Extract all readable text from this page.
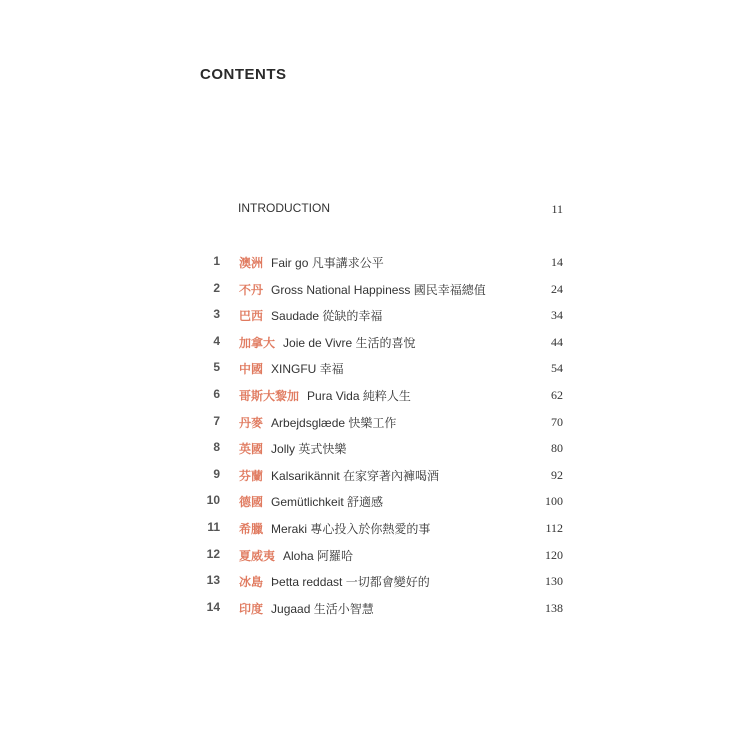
CONTENTS
INTRODUCTION	11
1 澳洲 Fair go 凡事講求公平	14
2 不丹 Gross National Happiness 國民幸福總值	24
3 巴西 Saudade 從缺的幸福	34
4 加拿大 Joie de Vivre 生活的喜悅	44
5 中國 XINGFU 幸福	54
6 哥斯大黎加 Pura Vida 純粹人生	62
7 丹麥 Arbejdsglæde 快樂工作	70
8 英國 Jolly 英式快樂	80
9 芬蘭 Kalsarikännit 在家穿著內褲喝酒	92
10 德國 Gemütlichkeit 舒適感	100
11 希臘 Meraki 專心投入於你熱愛的事	112
12 夏威夷 Aloha 阿羅哈	120
13 冰島 Þetta reddast 一切都會變好的	130
14 印度 Jugaad 生活小智慧	138
